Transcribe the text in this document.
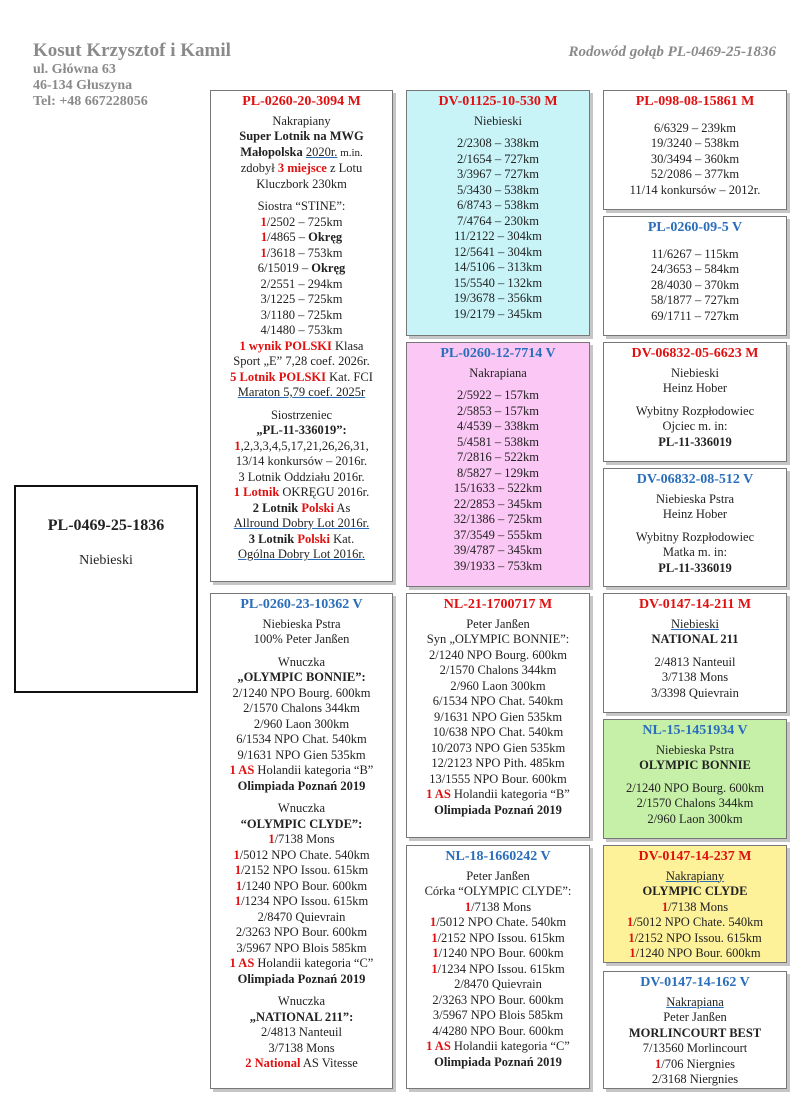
Kosut Krzysztof i Kamil
ul. Główna 63
46-134 Głuszyna
Tel: +48 667228056
Rodowód gołąb PL-0469-25-1836
PL-0469-25-1836
Niebieski
PL-0260-20-3094 M
Nakrapiany
Super Lotnik na MWG
Małopolska 2020r. m.in.
zdobył 3 miejsce z Lotu
Kluczbork 230km
Siostra “STINE”:
1/2502 – 725km
1/4865 – Okręg
1/3618 – 753km
6/15019 – Okręg
2/2551 – 294km
3/1225 – 725km
3/1180 – 725km
4/1480 – 753km
1 wynik POLSKI Klasa
Sport „E” 7,28 coef. 2026r.
5 Lotnik POLSKI Kat. FCI
Maraton 5,79 coef. 2025r
Siostrzeniec
„PL-11-336019”:
1,2,3,3,4,5,17,21,26,26,31,
13/14 konkursów – 2016r.
3 Lotnik Oddziału 2016r.
1 Lotnik OKRĘGU 2016r.
2 Lotnik Polski As
Allround Dobry Lot 2016r.
3 Lotnik Polski Kat.
Ogólna Dobry Lot 2016r.
PL-0260-23-10362 V
Niebieska Pstra
100% Peter Janßen
Wnuczka
„OLYMPIC BONNIE”:
2/1240 NPO Bourg. 600km
2/1570 Chalons 344km
2/960 Laon 300km
6/1534 NPO Chat. 540km
9/1631 NPO Gien 535km
1 AS Holandii kategoria “B”
Olimpiada Poznań 2019
Wnuczka
“OLYMPIC CLYDE”:
1/7138 Mons
1/5012 NPO Chate. 540km
1/2152 NPO Issou. 615km
1/1240 NPO Bour. 600km
1/1234 NPO Issou. 615km
2/8470 Quievrain
2/3263 NPO Bour. 600km
3/5967 NPO Blois 585km
1 AS Holandii kategoria “C”
Olimpiada Poznań 2019
Wnuczka
„NATIONAL 211”:
2/4813 Nanteuil
3/7138 Mons
2 National AS Vitesse
DV-01125-10-530 M
Niebieski
2/2308 – 338km
2/1654 – 727km
3/3967 – 727km
5/3430 – 538km
6/8743 – 538km
7/4764 – 230km
11/2122 – 304km
12/5641 – 304km
14/5106 – 313km
15/5540 – 132km
19/3678 – 356km
19/2179 – 345km
PL-0260-12-7714 V
Nakrapiana
2/5922 – 157km
2/5853 – 157km
4/4539 – 338km
5/4581 – 538km
7/2816 – 522km
8/5827 – 129km
15/1633 – 522km
22/2853 – 345km
32/1386 – 725km
37/3549 – 555km
39/4787 – 345km
39/1933 – 753km
NL-21-1700717 M
Peter Janßen
Syn „OLYMPIC BONNIE”:
2/1240 NPO Bourg. 600km
2/1570 Chalons 344km
2/960 Laon 300km
6/1534 NPO Chat. 540km
9/1631 NPO Gien 535km
10/638 NPO Chat. 540km
10/2073 NPO Gien 535km
12/2123 NPO Pith. 485km
13/1555 NPO Bour. 600km
1 AS Holandii kategoria “B”
Olimpiada Poznań 2019
NL-18-1660242 V
Peter Janßen
Córka “OLYMPIC CLYDE”:
1/7138 Mons
1/5012 NPO Chate. 540km
1/2152 NPO Issou. 615km
1/1240 NPO Bour. 600km
1/1234 NPO Issou. 615km
2/8470 Quievrain
2/3263 NPO Bour. 600km
3/5967 NPO Blois 585km
4/4280 NPO Bour. 600km
1 AS Holandii kategoria “C”
Olimpiada Poznań 2019
PL-098-08-15861 M
6/6329 – 239km
19/3240 – 538km
30/3494 – 360km
52/2086 – 377km
11/14 konkursów – 2012r.
PL-0260-09-5 V
11/6267 – 115km
24/3653 – 584km
28/4030 – 370km
58/1877 – 727km
69/1711 – 727km
DV-06832-05-6623 M
Niebieski
Heinz Hober
Wybitny Rozpłodowiec
Ojciec m. in:
PL-11-336019
DV-06832-08-512 V
Niebieska Pstra
Heinz Hober
Wybitny Rozpłodowiec
Matka m. in:
PL-11-336019
DV-0147-14-211 M
Niebieski
NATIONAL 211
2/4813 Nanteuil
3/7138 Mons
3/3398 Quievrain
NL-15-1451934 V
Niebieska Pstra
OLYMPIC BONNIE
2/1240 NPO Bourg. 600km
2/1570 Chalons 344km
2/960 Laon 300km
DV-0147-14-237 M
Nakrapiany
OLYMPIC CLYDE
1/7138 Mons
1/5012 NPO Chate. 540km
1/2152 NPO Issou. 615km
1/1240 NPO Bour. 600km
DV-0147-14-162 V
Nakrapiana
Peter Janßen
MORLINCOURT BEST
7/13560 Morlincourt
1/706 Niergnies
2/3168 Niergnies
